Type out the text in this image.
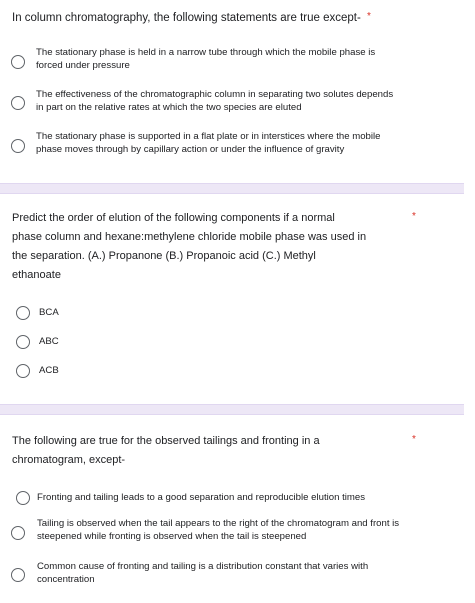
In column chromatography, the following statements are true except- *
The stationary phase is held in a narrow tube through which the mobile phase is
forced under pressure
The effectiveness of the chromatographic column in separating two solutes depends
in part on the relative rates at which the two species are eluted
The stationary phase is supported in a flat plate or in interstices where the mobile
phase moves through by capillary action or under the influence of gravity
Predict the order of elution of the following components if a normal
phase column and hexane:methylene chloride mobile phase was used in
the separation. (A.) Propanone (B.) Propanoic acid (C.) Methyl
ethanoate
*
BCA
ABC
ACB
The following are true for the observed tailings and fronting in a
chromatogram, except-
*
Fronting and tailing leads to a good separation and reproducible elution times
Tailing is observed when the tail appears to the right of the chromatogram and front is
steepened while fronting is observed when the tail is steepened
Common cause of fronting and tailing is a distribution constant that varies with
concentration
